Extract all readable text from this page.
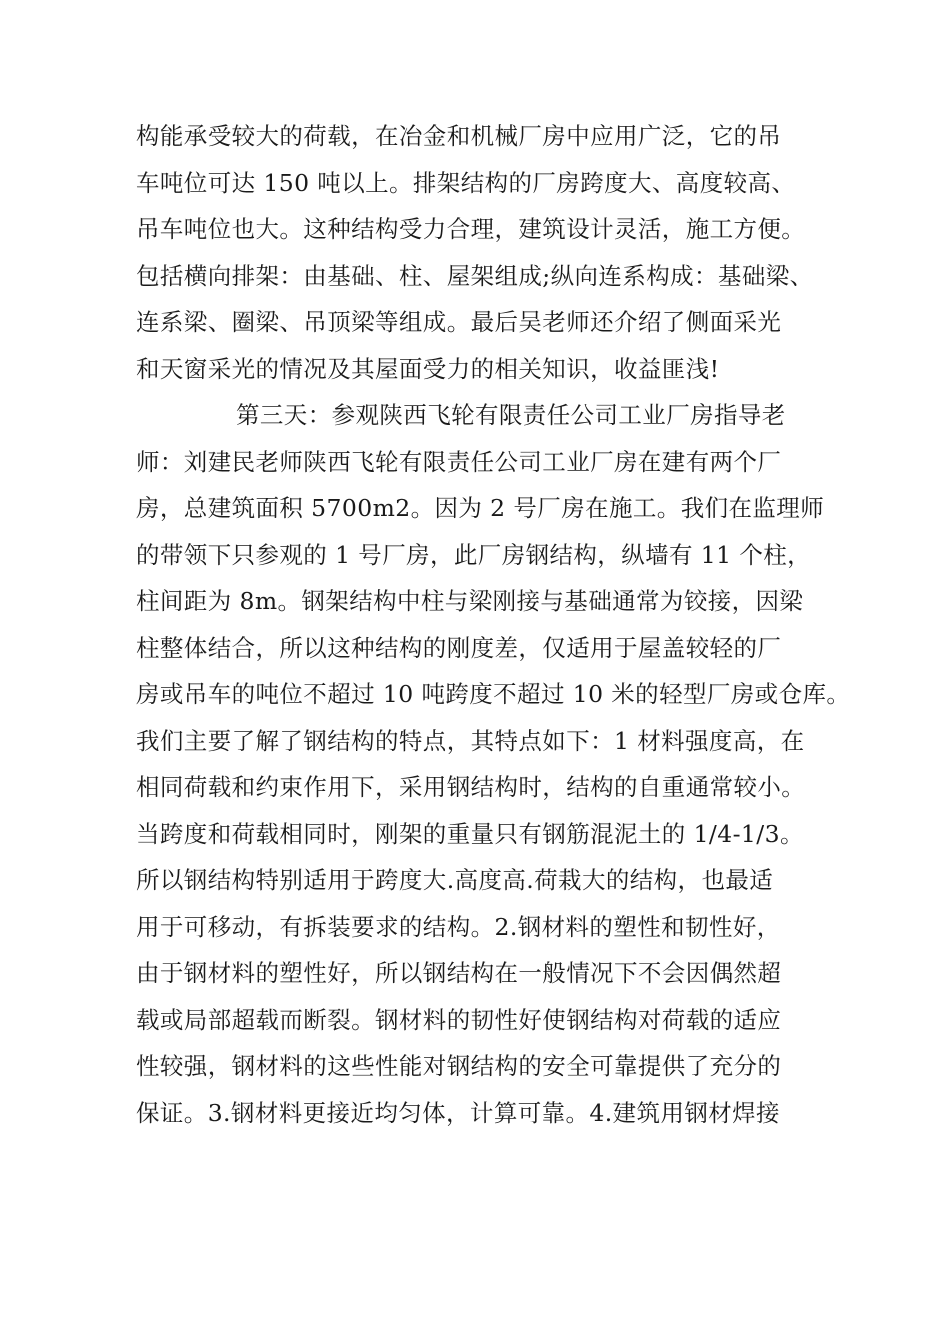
构能承受较大的荷载，在冶金和机械厂房中应用广泛，它的吊
车吨位可达 150 吨以上。排架结构的厂房跨度大、高度较高、
吊车吨位也大。这种结构受力合理，建筑设计灵活，施工方便。
包括横向排架：由基础、柱、屋架组成;纵向连系构成：基础梁、
连系梁、圈梁、吊顶梁等组成。最后吴老师还介绍了侧面采光
和天窗采光的情况及其屋面受力的相关知识，收益匪浅!
第三天：参观陕西飞轮有限责任公司工业厂房指导老
师：刘建民老师陕西飞轮有限责任公司工业厂房在建有两个厂
房，总建筑面积 5700m2。因为 2 号厂房在施工。我们在监理师
的带领下只参观的 1 号厂房，此厂房钢结构，纵墙有 11 个柱，
柱间距为 8m。钢架结构中柱与梁刚接与基础通常为铰接，因梁
柱整体结合，所以这种结构的刚度差，仅适用于屋盖较轻的厂
房或吊车的吨位不超过 10 吨跨度不超过 10 米的轻型厂房或仓库。
我们主要了解了钢结构的特点，其特点如下：1 材料强度高，在
相同荷载和约束作用下，采用钢结构时，结构的自重通常较小。
当跨度和荷载相同时，刚架的重量只有钢筋混泥土的 1/4-1/3。
所以钢结构特别适用于跨度大.高度高.荷栽大的结构，也最适
用于可移动，有拆装要求的结构。2.钢材料的塑性和韧性好，
由于钢材料的塑性好，所以钢结构在一般情况下不会因偶然超
载或局部超载而断裂。钢材料的韧性好使钢结构对荷载的适应
性较强，钢材料的这些性能对钢结构的安全可靠提供了充分的
保证。3.钢材料更接近均匀体，计算可靠。4.建筑用钢材焊接
